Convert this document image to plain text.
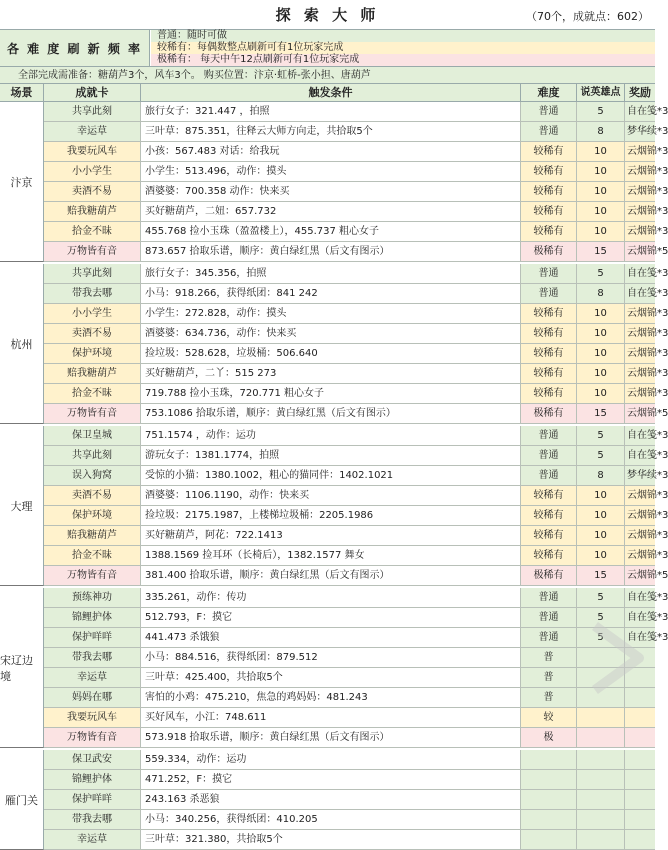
探 索 大 师	（70个，成就点：602）
各 难 度 刷 新 频 率
普通：随时可做
较稀有：每偶数整点刷新可有1位玩家完成
极稀有： 每天中午12点刷新可有1位玩家完成
全部完成需准备：糖葫芦3个，风车3个。 购买位置：汴京·虹桥-张小担、唐葫芦
场景	成就卡	触发条件	难度	说英雄点 奖励
共享此刻	旅行女子：321.447 ，拍照	普通	5	自在笺*3
幸运草	三叶草：875.351，往释云大师方向走，共拾取5个	普通	8	梦华续*3
我要玩风车	小孩：567.483 对话：给我玩	较稀有	10	云烟锦*3
小小学生	小学生：513.496，动作：摸头	较稀有	10	云烟锦*3
卖酒不易	酒婆婆：700.358 动作：快来买	较稀有	10	云烟锦*3
赔我糖葫芦	买好糖葫芦，二妞：657.732	较稀有	10	云烟锦*3
拾金不昧	455.768 捡小玉珠（盈盈楼上），455.737 粗心女子	较稀有	10	云烟锦*3
万物皆有音	873.657 拾取乐谱，顺序：黄白绿红黑（后文有图示）	极稀有	15	云烟锦*5
汴京
共享此刻	旅行女子：345.356，拍照	普通	5	自在笺*3
带我去哪	小马：918.266，获得纸团：841 242	普通	8	自在笺*3
小小学生	小学生：272.828，动作：摸头	较稀有	10	云烟锦*3
卖酒不易	酒婆婆：634.736，动作：快来买	较稀有	10	云烟锦*3
保护环境	捡垃圾：528.628，垃圾桶：506.640	较稀有	10	云烟锦*3
赔我糖葫芦	买好糖葫芦，二丫：515 273	较稀有	10	云烟锦*3
拾金不昧	719.788 捡小玉珠，720.771 粗心女子	较稀有	10	云烟锦*3
万物皆有音	753.1086 拾取乐谱，顺序：黄白绿红黑（后文有图示）	极稀有	15	云烟锦*5
杭州
保卫皇城	751.1574 ，动作：运功	普通	5	自在笺*3
共享此刻	游玩女子：1381.1774，拍照	普通	5	自在笺*3
误入狗窝	受惊的小猫：1380.1002，粗心的猫同伴：1402.1021	普通	8	梦华续*3
卖酒不易	酒婆婆：1106.1190，动作：快来买	较稀有	10	云烟锦*3
保护环境	捡垃圾：2175.1987，上楼梯垃圾桶：2205.1986	较稀有	10	云烟锦*3
赔我糖葫芦	买好糖葫芦，阿花：722.1413	较稀有	10	云烟锦*3
拾金不昧	1388.1569 捡耳环（长椅后），1382.1577 舞女	较稀有	10	云烟锦*3
万物皆有音	381.400 拾取乐谱，顺序：黄白绿红黑（后文有图示）	极稀有	15	云烟锦*5
大理
预练神功	335.261，动作：传功	普通	5	自在笺*3
锦鲤护体	512.793，F：摸它	普通	5	自在笺*3
保护咩咩	441.473 杀饿狼	普通	5	自在笺*3
带我去哪	小马：884.516，获得纸团：879.512	普
幸运草	三叶草：425.400，共拾取5个	普
妈妈在哪	害怕的小鸡：475.210，焦急的鸡妈妈：481.243	普
我要玩风车	买好风车，小江：748.611	较
万物皆有音	573.918 拾取乐谱，顺序：黄白绿红黑（后文有图示）	极
宋辽边境
保卫武安	559.334，动作：运功
锦鲤护体	471.252，F：摸它
保护咩咩	243.163 杀恶狼
带我去哪	小马：340.256，获得纸团：410.205
幸运草	三叶草：321.380，共拾取5个
雁门关
